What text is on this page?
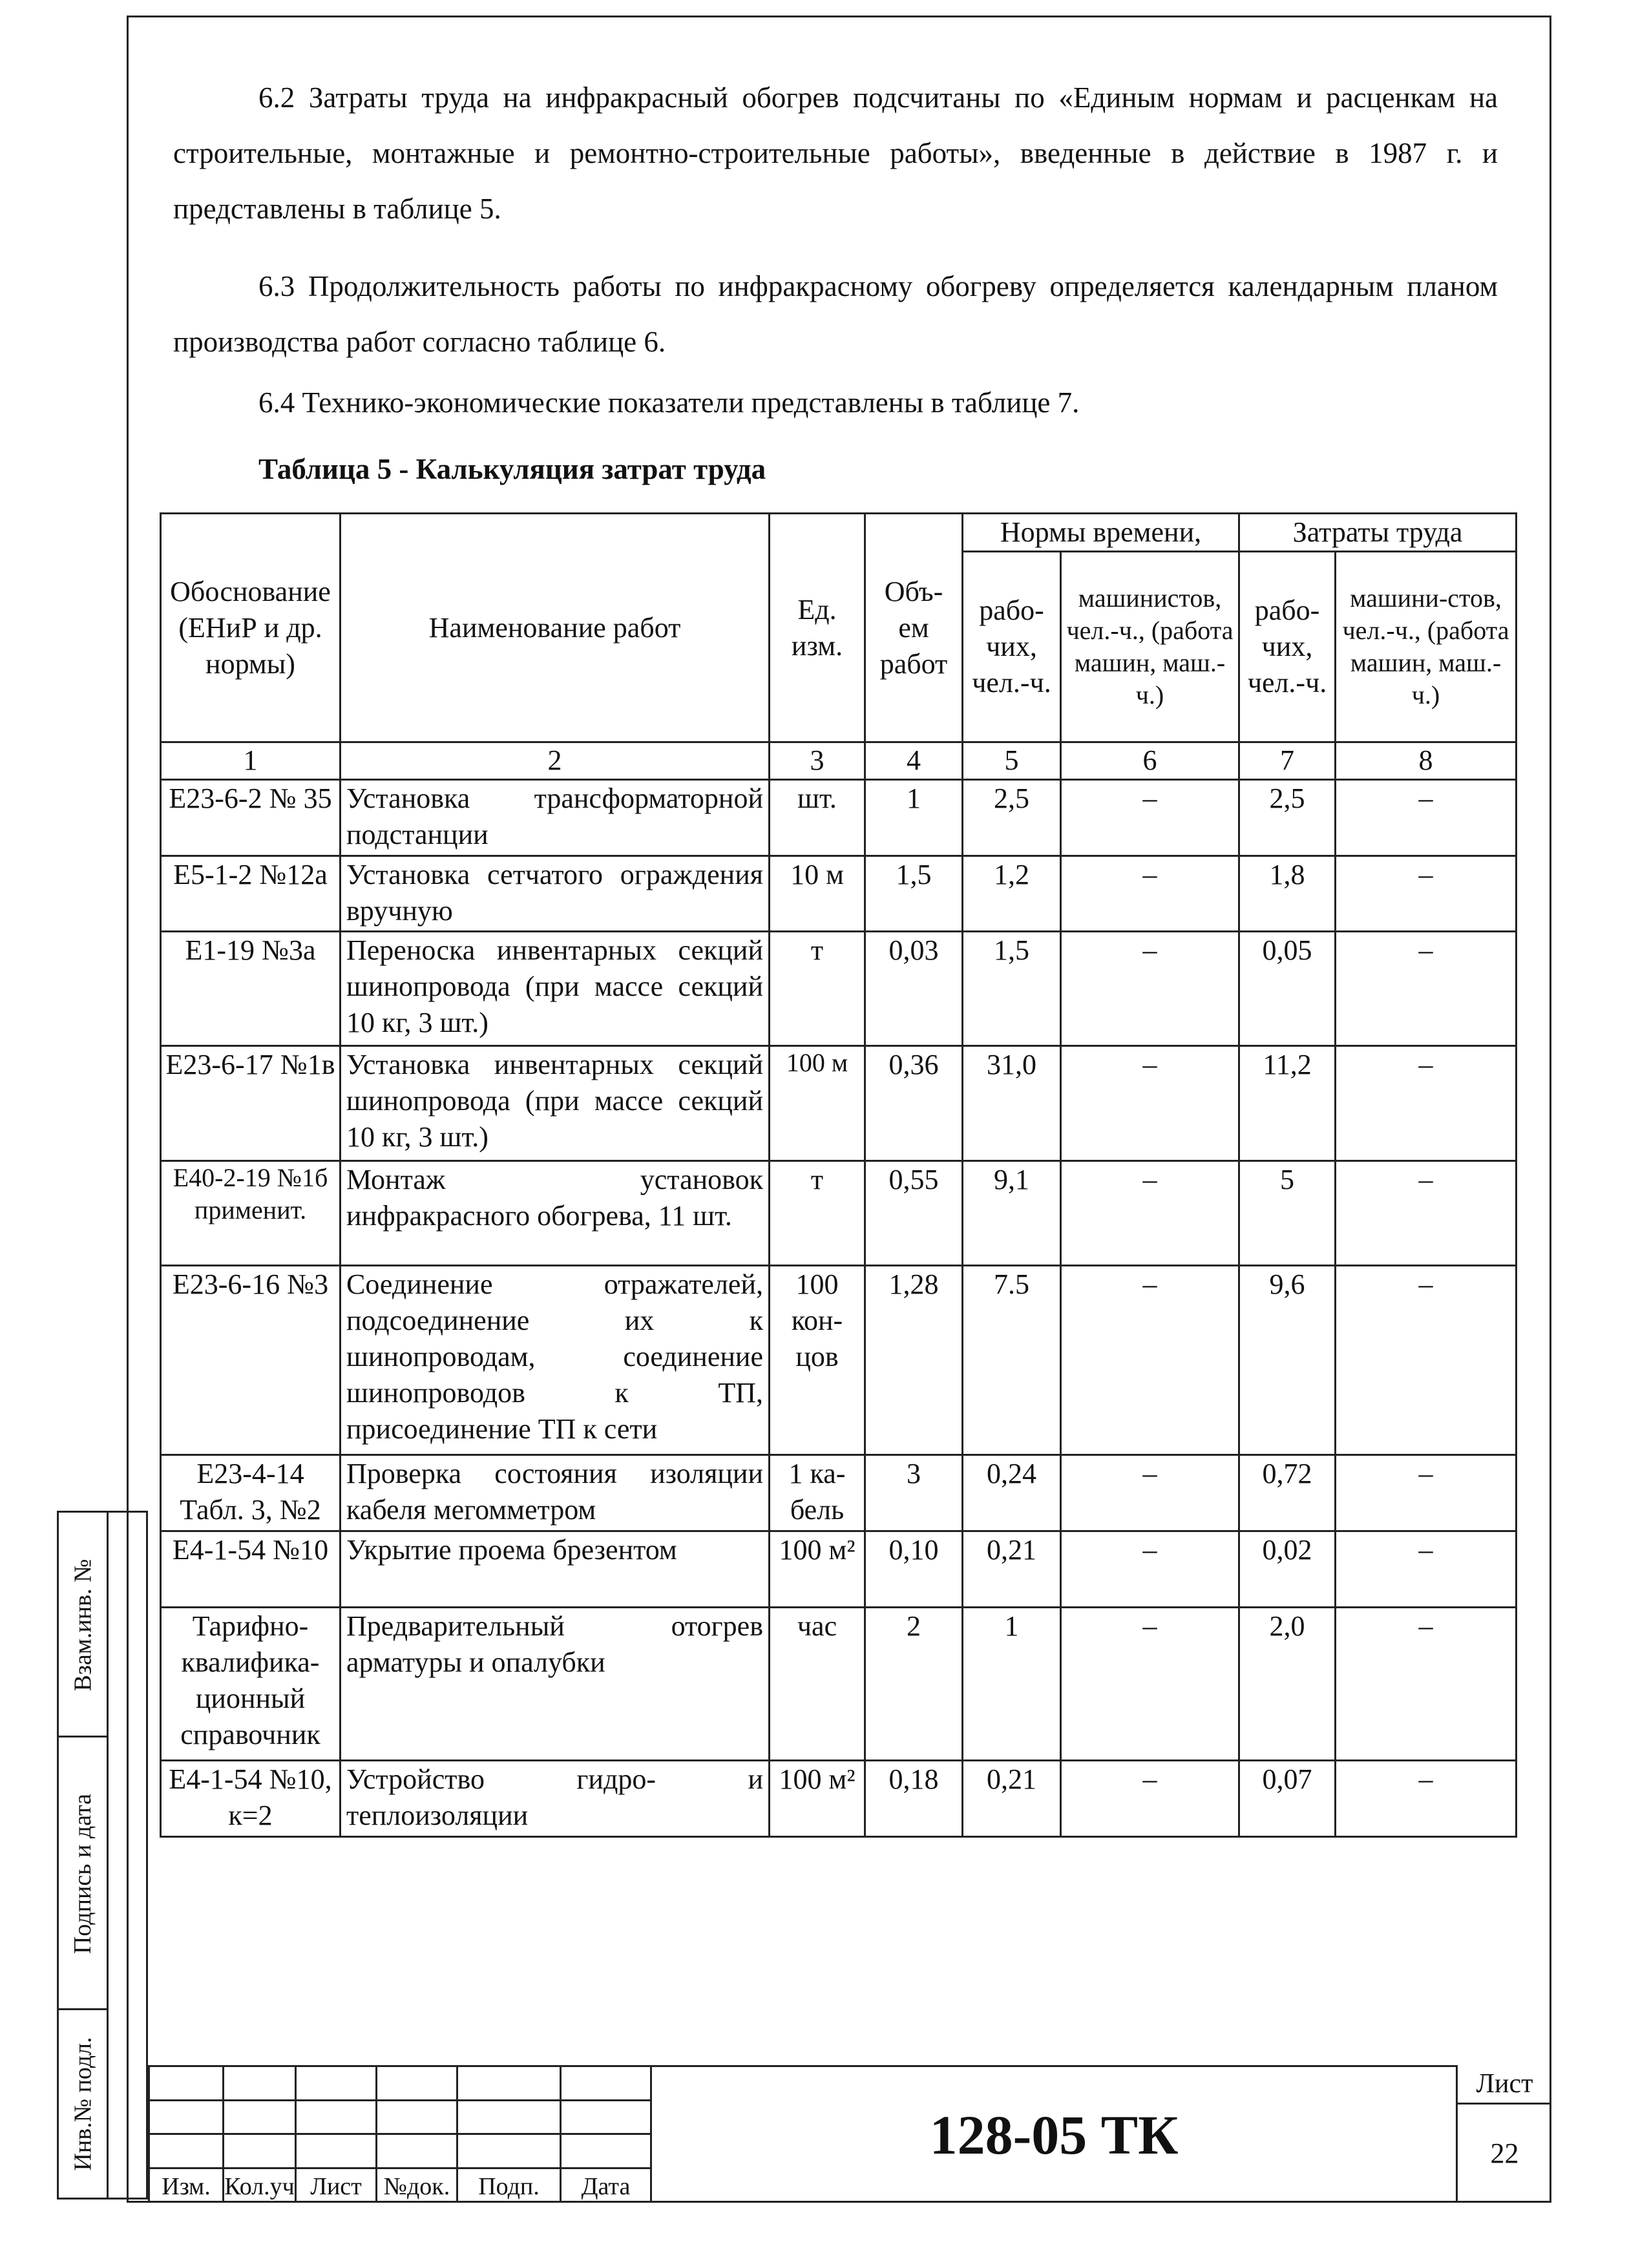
6.2 Затраты труда на инфракрасный обогрев подсчитаны по «Единым нормам и расценкам на строительные, монтажные и ремонтно-строительные работы», введенные в действие в 1987 г. и представлены в таблице 5.
6.3 Продолжительность работы по инфракрасному обогреву определяется календарным планом производства работ согласно таблице 6.
6.4 Технико-экономические показатели представлены в таблице 7.
Таблица 5 - Калькуляция затрат труда
Обоснование (ЕНиР и др. нормы)	Наименование работ	Ед. изм.	Объ-ем работ	Нормы времени,		Затраты труда	
				рабо-чих, чел.-ч.	машинистов, чел.-ч., (работа машин, маш.-ч.)	рабо-чих, чел.-ч.	машини-стов, чел.-ч., (работа машин, маш.-ч.)
1	2	3	4	5	6	7	8
Е23-6-2 № 35	Установка трансформаторной подстанции	шт.	1	2,5	–	2,5	–
Е5-1-2 №12а	Установка сетчатого ограждения вручную	10 м	1,5	1,2	–	1,8	–
Е1-19 №3а	Переноска инвентарных секций шинопровода (при массе секций 10 кг, 3 шт.)	т	0,03	1,5	–	0,05	–
Е23-6-17 №1в	Установка инвентарных секций шинопровода (при массе секций 10 кг, 3 шт.)	100 м	0,36	31,0	–	11,2	–
Е40-2-19 №1б применит.	Монтаж установок инфракрасного обогрева, 11 шт.	т	0,55	9,1	–	5	–
Е23-6-16 №3	Соединение отражателей, подсоединение их к шинопроводам, соединение шинопроводов к ТП, присоединение ТП к сети	100 кон-цов	1,28	7.5	–	9,6	–
Е23-4-14 Табл. 3, №2	Проверка состояния изоляции кабеля мегомметром	1 ка-бель	3	0,24	–	0,72	–
Е4-1-54 №10	Укрытие проема брезентом	100 м²	0,10	0,21	–	0,02	–
Тарифно-квалифика-ционный справочник	Предварительный отогрев арматуры и опалубки	час	2	1	–	2,0	–
Е4-1-54 №10, к=2	Устройство гидро- и теплоизоляции	100 м²	0,18	0,21	–	0,07	–
Взам.инв. №
Подпись и дата
Инв.№ подл.

Изм.	Кол.уч	Лист	№док.	Подп.	Дата
128-05 ТК
Лист
22
